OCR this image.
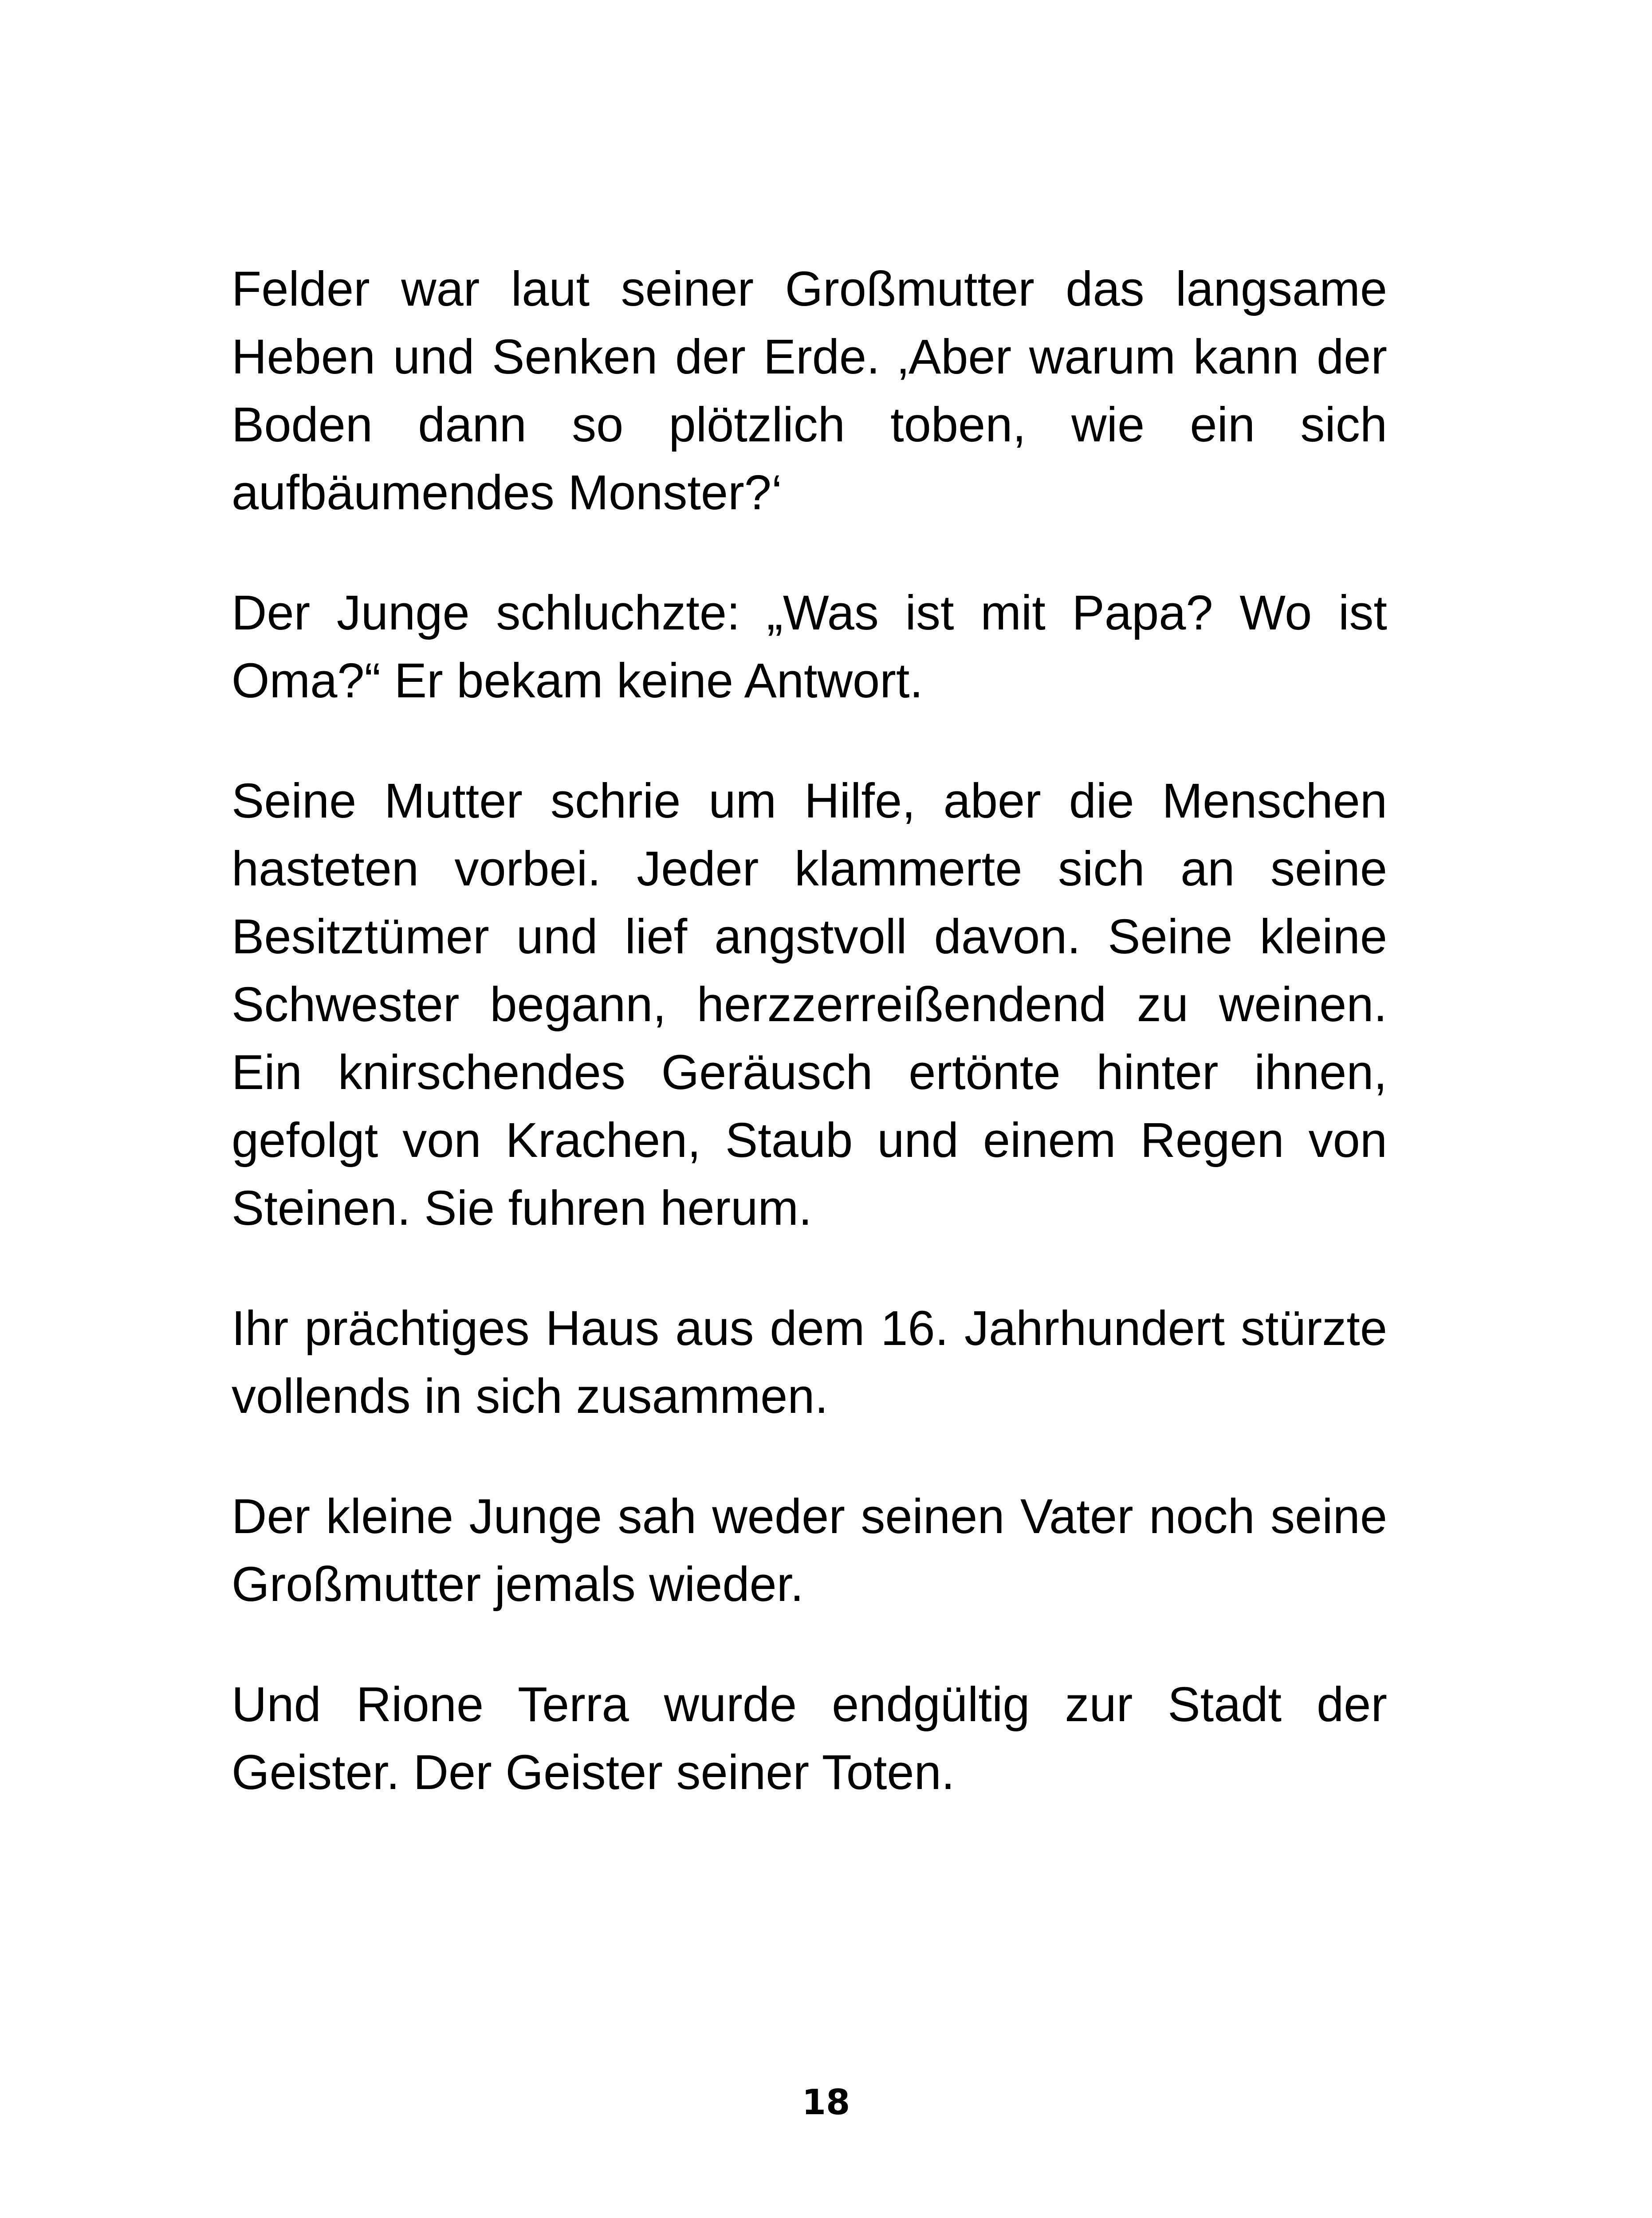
Felder war laut seiner Großmutter das langsame Heben und Senken der Erde. ‚Aber warum kann der Boden dann so plötzlich toben, wie ein sich aufbäumendes Monster?‘

Der Junge schluchzte: „Was ist mit Papa? Wo ist Oma?“ Er bekam keine Antwort.

Seine Mutter schrie um Hilfe, aber die Menschen hasteten vorbei. Jeder klammerte sich an seine Besitztümer und lief angstvoll davon. Seine kleine Schwester begann, herzzerreißendend zu weinen. Ein knirschendes Geräusch ertönte hinter ihnen, gefolgt von Krachen, Staub und einem Regen von Steinen. Sie fuhren herum.

Ihr prächtiges Haus aus dem 16. Jahrhundert stürzte vollends in sich zusammen.

Der kleine Junge sah weder seinen Vater noch seine Großmutter jemals wieder.

Und Rione Terra wurde endgültig zur Stadt der Geister. Der Geister seiner Toten.

18
